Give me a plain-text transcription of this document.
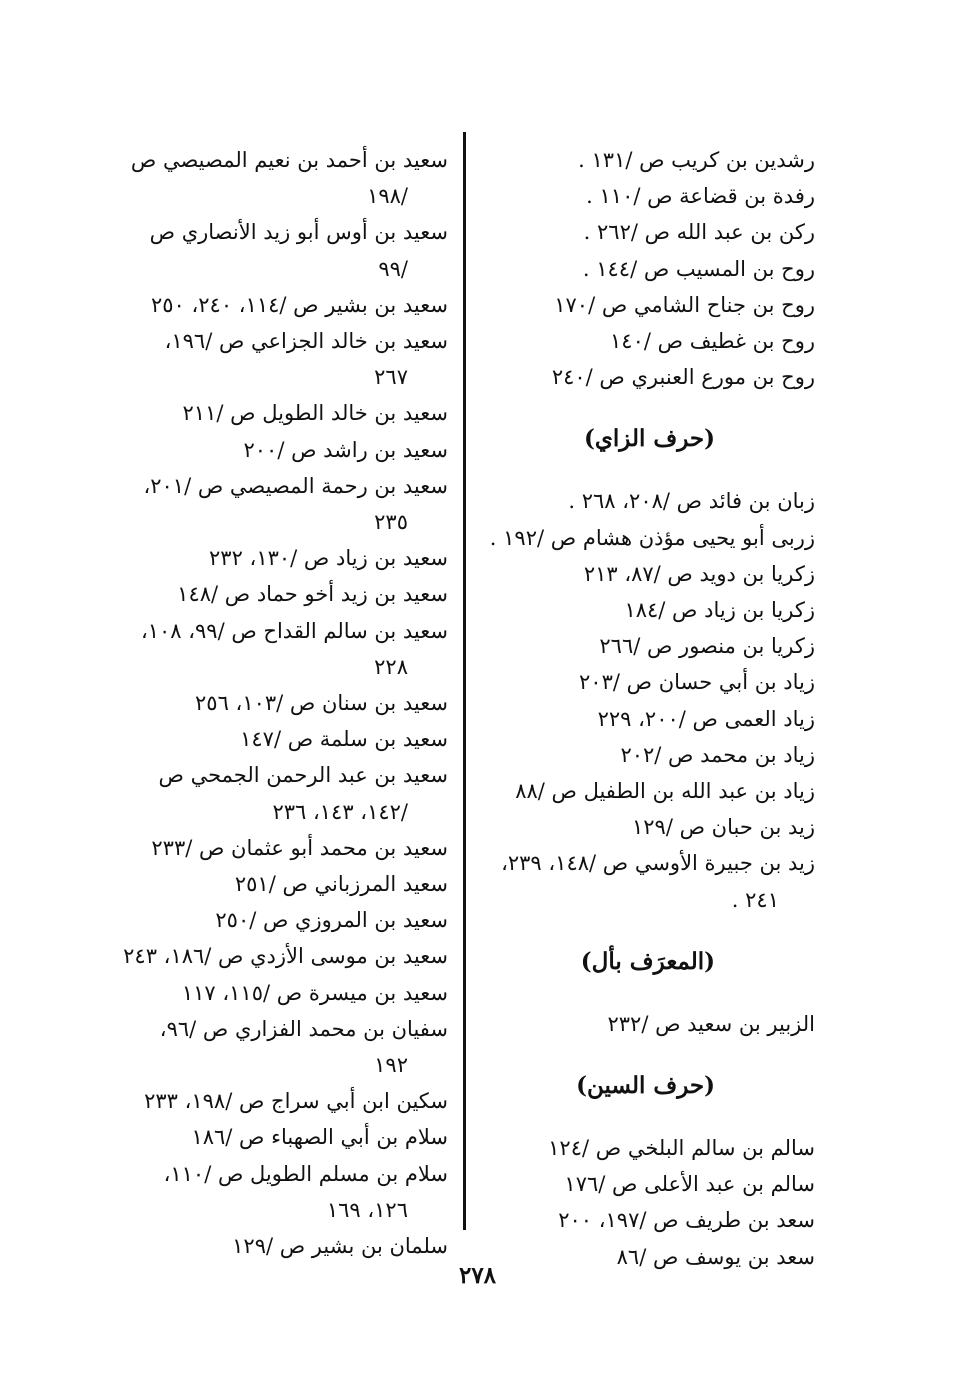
رشدين بن كريب ص /١٣١ .
رفدة بن قضاعة ص /١١٠ .
ركن بن عبد الله ص /٢٦٢ .
روح بن المسيب ص /١٤٤ .
روح بن جناح الشامي ص /١٧٠
روح بن غطيف ص /١٤٠
روح بن مورع العنبري ص /٢٤٠
(حرف الزاي)
زبان بن فائد ص /٢٠٨، ٢٦٨ .
زربى أبو يحيى مؤذن هشام ص /١٩٢ .
زكريا بن دويد ص /٨٧، ٢١٣
زكريا بن زياد ص /١٨٤
زكريا بن منصور ص /٢٦٦
زياد بن أبي حسان ص /٢٠٣
زياد العمى ص /٢٠٠، ٢٢٩
زياد بن محمد ص /٢٠٢
زياد بن عبد الله بن الطفيل ص /٨٨
زيد بن حبان ص /١٢٩
زيد بن جبيرة الأوسي ص /١٤٨، ٢٣٩،
٢٤١ .
(المعرَف بأل)
الزبير بن سعيد ص /٢٣٢
(حرف السين)
سالم بن سالم البلخي ص /١٢٤
سالم بن عبد الأعلى ص /١٧٦
سعد بن طريف ص /١٩٧، ٢٠٠
سعد بن يوسف ص /٨٦
سعيد بن أحمد بن نعيم المصيصي ص
/١٩٨
سعيد بن أوس أبو زيد الأنصاري ص
/٩٩
سعيد بن بشير ص /١١٤، ٢٤٠، ٢٥٠
سعيد بن خالد الجزاعي ص /١٩٦،
٢٦٧
سعيد بن خالد الطويل ص /٢١١
سعيد بن راشد ص /٢٠٠
سعيد بن رحمة المصيصي ص /٢٠١،
٢٣٥
سعيد بن زياد ص /١٣٠، ٢٣٢
سعيد بن زيد أخو حماد ص /١٤٨
سعيد بن سالم القداح ص /٩٩، ١٠٨،
٢٢٨
سعيد بن سنان ص /١٠٣، ٢٥٦
سعيد بن سلمة ص /١٤٧
سعيد بن عبد الرحمن الجمحي ص
/١٤٢، ١٤٣، ٢٣٦
سعيد بن محمد أبو عثمان ص /٢٣٣
سعيد المرزباني ص /٢٥١
سعيد بن المروزي ص /٢٥٠
سعيد بن موسى الأزدي ص /١٨٦، ٢٤٣
سعيد بن ميسرة ص /١١٥، ١١٧
سفيان بن محمد الفزاري ص /٩٦،
١٩٢
سكين ابن أبي سراج ص /١٩٨، ٢٣٣
سلام بن أبي الصهباء ص /١٨٦
سلام بن مسلم الطويل ص /١١٠،
١٢٦، ١٦٩
سلمان بن بشير ص /١٢٩
٢٧٨
